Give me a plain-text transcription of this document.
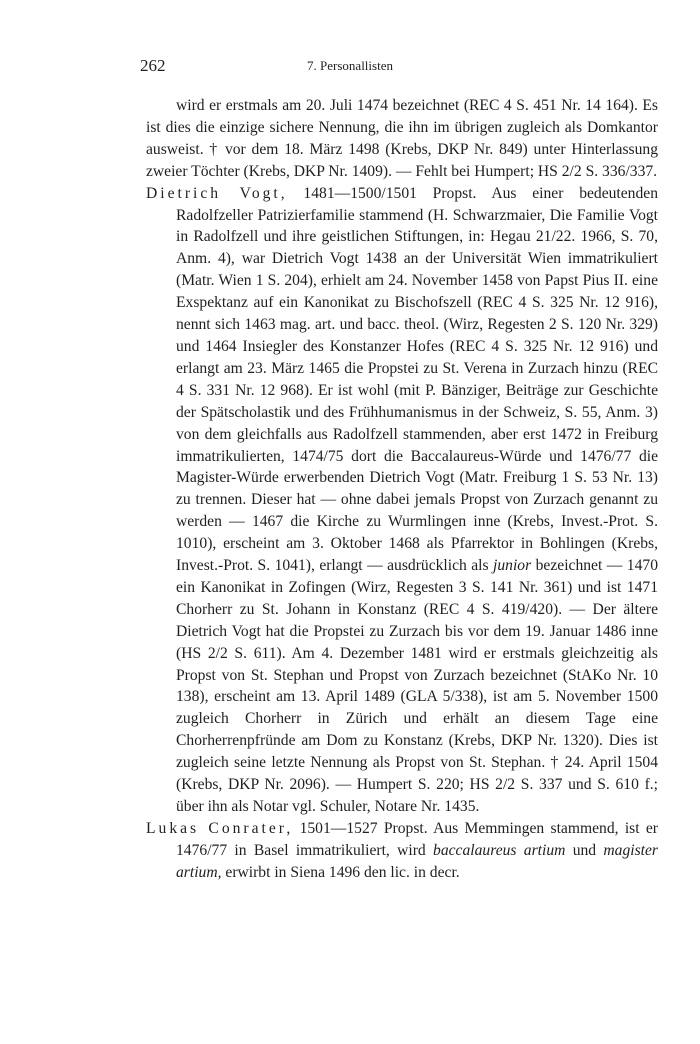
262	7. Personallisten

wird er erstmals am 20. Juli 1474 bezeichnet (REC 4 S. 451 Nr. 14 164). Es ist dies die einzige sichere Nennung, die ihn im übrigen zugleich als Domkantor ausweist. † vor dem 18. März 1498 (Krebs, DKP Nr. 849) unter Hinterlassung zweier Töchter (Krebs, DKP Nr. 1409). — Fehlt bei Humpert; HS 2/2 S. 336/337.

Dietrich Vogt, 1481—1500/1501 Propst. Aus einer bedeutenden Radolfzeller Patrizierfamilie stammend (H. Schwarzmaier, Die Familie Vogt in Radolfzell und ihre geistlichen Stiftungen, in: Hegau 21/22. 1966, S. 70, Anm. 4), war Dietrich Vogt 1438 an der Universität Wien immatrikuliert (Matr. Wien 1 S. 204), erhielt am 24. November 1458 von Papst Pius II. eine Exspektanz auf ein Kanonikat zu Bischofszell (REC 4 S. 325 Nr. 12 916), nennt sich 1463 mag. art. und bacc. theol. (Wirz, Regesten 2 S. 120 Nr. 329) und 1464 Insiegler des Konstanzer Hofes (REC 4 S. 325 Nr. 12 916) und erlangt am 23. März 1465 die Propstei zu St. Verena in Zurzach hinzu (REC 4 S. 331 Nr. 12 968). Er ist wohl (mit P. Bänziger, Beiträge zur Geschichte der Spätscholastik und des Frühhumanismus in der Schweiz, S. 55, Anm. 3) von dem gleichfalls aus Radolfzell stammenden, aber erst 1472 in Freiburg immatrikulierten, 1474/75 dort die Baccalaureus-Würde und 1476/77 die Magister-Würde erwerbenden Dietrich Vogt (Matr. Freiburg 1 S. 53 Nr. 13) zu trennen. Dieser hat — ohne dabei jemals Propst von Zurzach genannt zu werden — 1467 die Kirche zu Wurmlingen inne (Krebs, Invest.-Prot. S. 1010), erscheint am 3. Oktober 1468 als Pfarrektor in Bohlingen (Krebs, Invest.-Prot. S. 1041), erlangt — ausdrücklich als junior bezeichnet — 1470 ein Kanonikat in Zofingen (Wirz, Regesten 3 S. 141 Nr. 361) und ist 1471 Chorherr zu St. Johann in Konstanz (REC 4 S. 419/420). — Der ältere Dietrich Vogt hat die Propstei zu Zurzach bis vor dem 19. Januar 1486 inne (HS 2/2 S. 611). Am 4. Dezember 1481 wird er erstmals gleichzeitig als Propst von St. Stephan und Propst von Zurzach bezeichnet (StAKo Nr. 10 138), erscheint am 13. April 1489 (GLA 5/338), ist am 5. November 1500 zugleich Chorherr in Zürich und erhält an diesem Tage eine Chorherrenpfründe am Dom zu Konstanz (Krebs, DKP Nr. 1320). Dies ist zugleich seine letzte Nennung als Propst von St. Stephan. † 24. April 1504 (Krebs, DKP Nr. 2096). — Humpert S. 220; HS 2/2 S. 337 und S. 610 f.; über ihn als Notar vgl. Schuler, Notare Nr. 1435.

Lukas Conrater, 1501—1527 Propst. Aus Memmingen stammend, ist er 1476/77 in Basel immatrikuliert, wird baccalaureus artium und magister artium, erwirbt in Siena 1496 den lic. in decr.
